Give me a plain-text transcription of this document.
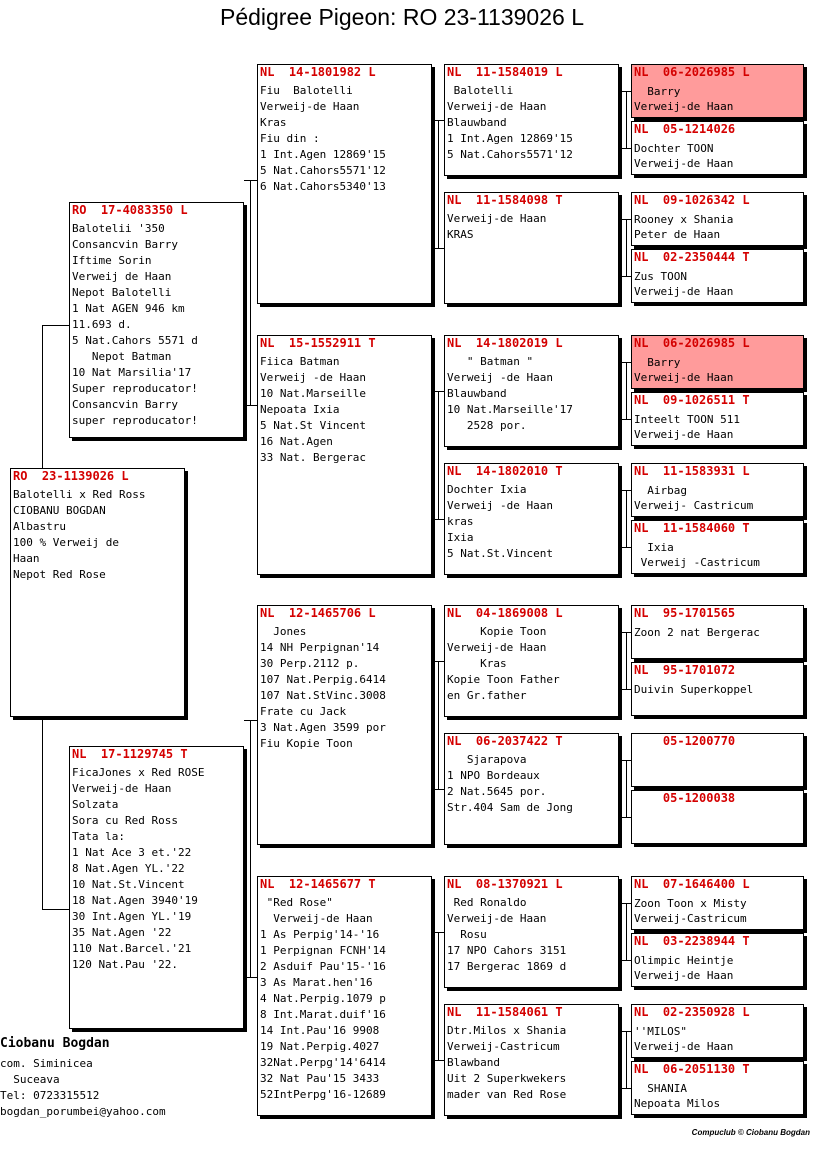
Pédigree Pigeon: RO 23-1139026 L
RO  23-1139026 L
Balotelli x Red Ross
CIOBANU BOGDAN
Albastru
100 % Verweij de
Haan
Nepot Red Rose
RO  17-4083350 L
Balotelii '350
Consancvin Barry
Iftime Sorin
Verweij de Haan
Nepot Balotelli
1 Nat AGEN 946 km
11.693 d.
5 Nat.Cahors 5571 d
Nepot Batman
10 Nat Marsilia'17
Super reproducator!
Consancvin Barry
super reproducator!
NL  17-1129745 T
FicaJones x Red ROSE
Verweij-de Haan
Solzata
Sora cu Red Ross
Tata la:
1 Nat Ace 3 et.'22
8 Nat.Agen YL.'22
10 Nat.St.Vincent
18 Nat.Agen 3940'19
30 Int.Agen YL.'19
35 Nat.Agen '22
110 Nat.Barcel.'21
120 Nat.Pau '22.
NL  14-1801982 L
Fiu  Balotelli
Verweij-de Haan
Kras
Fiu din :
1 Int.Agen 12869'15
5 Nat.Cahors5571'12
6 Nat.Cahors5340'13
NL  15-1552911 T
Fiica Batman
Verweij -de Haan
10 Nat.Marseille
Nepoata Ixia
5 Nat.St Vincent
16 Nat.Agen
33 Nat. Bergerac
NL  12-1465706 L
Jones
14 NH Perpignan'14
30 Perp.2112 p.
107 Nat.Perpig.6414
107 Nat.StVinc.3008
Frate cu Jack
3 Nat.Agen 3599 por
Fiu Kopie Toon
NL  12-1465677 T
"Red Rose"
Verweij-de Haan
1 As Perpig'14-'16
1 Perpignan FCNH'14
2 Asduif Pau'15-'16
3 As Marat.hen'16
4 Nat.Perpig.1079 p
8 Int.Marat.duif'16
14 Int.Pau'16 9908
19 Nat.Perpig.4027
32Nat.Perpg'14'6414
32 Nat Pau'15 3433
52IntPerpg'16-12689
NL  11-1584019 L
Balotelli
Verweij-de Haan
Blauwband
1 Int.Agen 12869'15
5 Nat.Cahors5571'12
NL  11-1584098 T
Verweij-de Haan
KRAS
NL  14-1802019 L
" Batman "
Verweij -de Haan
Blauwband
10 Nat.Marseille'17
2528 por.
NL  14-1802010 T
Dochter Ixia
Verweij -de Haan
kras
Ixia
5 Nat.St.Vincent
NL  04-1869008 L
Kopie Toon
Verweij-de Haan
Kras
Kopie Toon Father
en Gr.father
NL  06-2037422 T
Sjarapova
1 NPO Bordeaux
2 Nat.5645 por.
Str.404 Sam de Jong
NL  08-1370921 L
Red Ronaldo
Verweij-de Haan
Rosu
17 NPO Cahors 3151
17 Bergerac 1869 d
NL  11-1584061 T
Dtr.Milos x Shania
Verweij-Castricum
Blawband
Uit 2 Superkwekers
mader van Red Rose
NL  06-2026985 L
Barry
Verweij-de Haan
NL  05-1214026
Dochter TOON
Verweij-de Haan
NL  09-1026342 L
Rooney x Shania
Peter de Haan
NL  02-2350444 T
Zus TOON
Verweij-de Haan
NL  06-2026985 L
Barry
Verweij-de Haan
NL  09-1026511 T
Inteelt TOON 511
Verweij-de Haan
NL  11-1583931 L
Airbag
Verweij- Castricum
NL  11-1584060 T
Ixia
Verweij -Castricum
NL  95-1701565
Zoon 2 nat Bergerac
NL  95-1701072
Duivin Superkoppel
05-1200770
05-1200038
NL  07-1646400 L
Zoon Toon x Misty
Verweij-Castricum
NL  03-2238944 T
Olimpic Heintje
Verweij-de Haan
NL  02-2350928 L
''MILOS"
Verweij-de Haan
NL  06-2051130 T
SHANIA
Nepoata Milos
Ciobanu Bogdan
com. Siminicea
Suceava
Tel: 0723315512
bogdan_porumbei@yahoo.com
Compuclub © Ciobanu Bogdan
